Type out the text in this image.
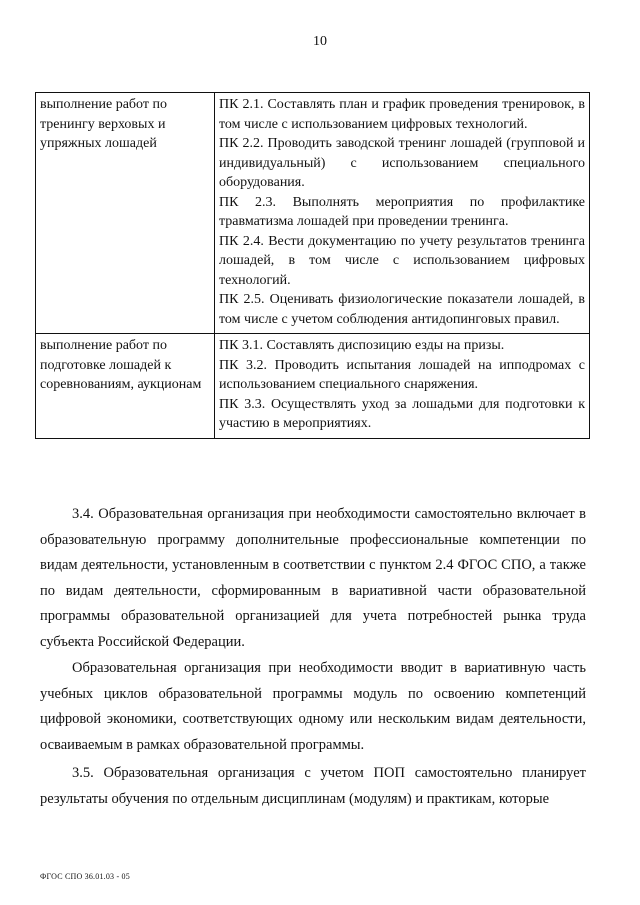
10
выполнение работ по тренингу верховых и упряжных лошадей	ПК 2.1. Составлять план и график проведения тренировок, в том числе с использованием цифровых технологий.
ПК 2.2. Проводить заводской тренинг лошадей (групповой и индивидуальный) с использованием специального оборудования.
ПК 2.3. Выполнять мероприятия по профилактике травматизма лошадей при проведении тренинга.
ПК 2.4. Вести документацию по учету результатов тренинга лошадей, в том числе с использованием цифровых технологий.
ПК 2.5. Оценивать физиологические показатели лошадей, в том числе с учетом соблюдения антидопинговых правил.

выполнение работ по подготовке лошадей к соревнованиям, аукционам	ПК 3.1. Составлять диспозицию езды на призы.
ПК 3.2. Проводить испытания лошадей на ипподромах с использованием специального снаряжения.
ПК 3.3. Осуществлять уход за лошадьми для подготовки к участию в мероприятиях.

3.4. Образовательная организация при необходимости самостоятельно включает в образовательную программу дополнительные профессиональные компетенции по видам деятельности, установленным в соответствии с пунктом 2.4 ФГОС СПО, а также по видам деятельности, сформированным в вариативной части образовательной программы образовательной организацией для учета потребностей рынка труда субъекта Российской Федерации.

Образовательная организация при необходимости вводит в вариативную часть учебных циклов образовательной программы модуль по освоению компетенций цифровой экономики, соответствующих одному или нескольким видам деятельности, осваиваемым в рамках образовательной программы.

3.5. Образовательная организация с учетом ПОП самостоятельно планирует результаты обучения по отдельным дисциплинам (модулям) и практикам, которые

ФГОС СПО 36.01.03 - 05
